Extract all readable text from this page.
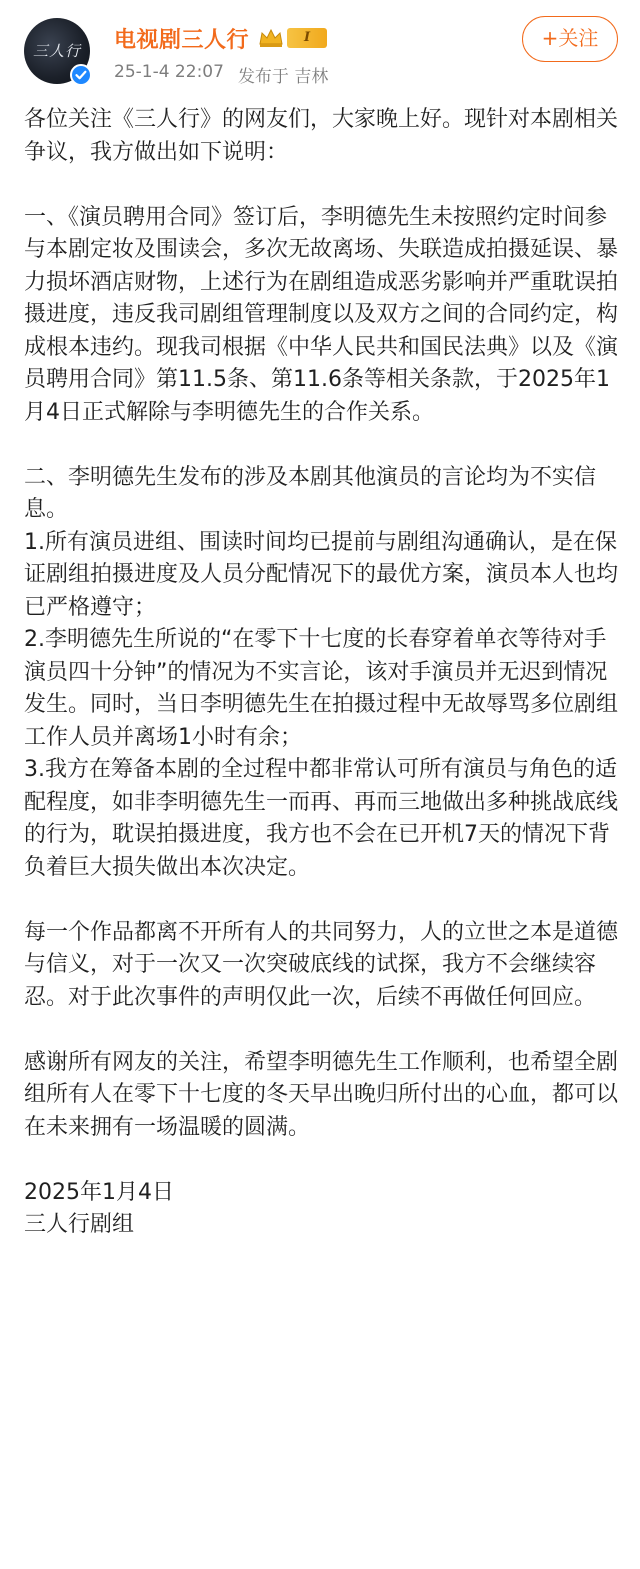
三人行	电视剧三人行	I
25-1-4 22:07 发布于 吉林
+关注

各位关注《三人行》的网友们，大家晚上好。现针对本剧相关争议，我方做出如下说明：

一、《演员聘用合同》签订后，李明德先生未按照约定时间参与本剧定妆及围读会，多次无故离场、失联造成拍摄延误、暴力损坏酒店财物，上述行为在剧组造成恶劣影响并严重耽误拍摄进度，违反我司剧组管理制度以及双方之间的合同约定，构成根本违约。现我司根据《中华人民共和国民法典》以及《演员聘用合同》第11.5条、第11.6条等相关条款，于2025年1月4日正式解除与李明德先生的合作关系。

二、李明德先生发布的涉及本剧其他演员的言论均为不实信息。

1.所有演员进组、围读时间均已提前与剧组沟通确认，是在保证剧组拍摄进度及人员分配情况下的最优方案，演员本人也均已严格遵守；

2.李明德先生所说的“在零下十七度的长春穿着单衣等待对手演员四十分钟”的情况为不实言论，该对手演员并无迟到情况发生。同时，当日李明德先生在拍摄过程中无故辱骂多位剧组工作人员并离场1小时有余；

3.我方在筹备本剧的全过程中都非常认可所有演员与角色的适配程度，如非李明德先生一而再、再而三地做出多种挑战底线的行为，耽误拍摄进度，我方也不会在已开机7天的情况下背负着巨大损失做出本次决定。

每一个作品都离不开所有人的共同努力，人的立世之本是道德与信义，对于一次又一次突破底线的试探，我方不会继续容忍。对于此次事件的声明仅此一次，后续不再做任何回应。

感谢所有网友的关注，希望李明德先生工作顺利，也希望全剧组所有人在零下十七度的冬天早出晚归所付出的心血，都可以在未来拥有一场温暖的圆满。

2025年1月4日

三人行剧组
